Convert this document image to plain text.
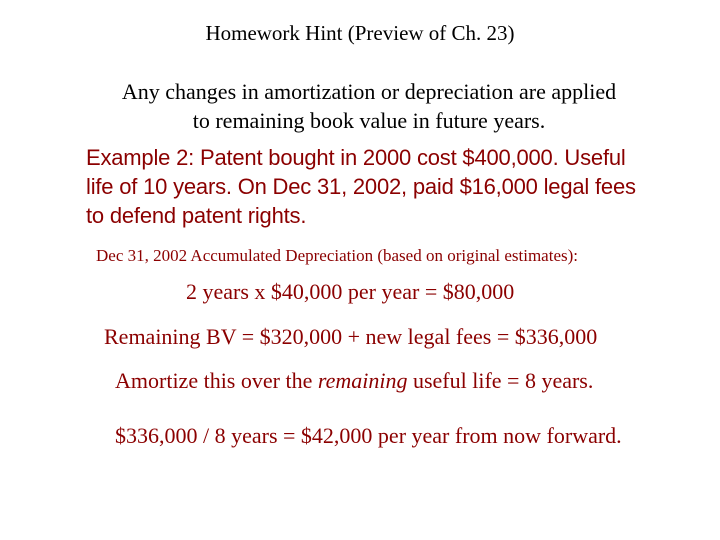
Homework Hint (Preview of Ch. 23)
Any changes in amortization or depreciation are applied
to remaining book value in future years.
Example 2: Patent bought in 2000 cost $400,000. Useful
life of 10 years. On Dec 31, 2002, paid $16,000 legal fees
to defend patent rights.
Dec 31, 2002 Accumulated Depreciation (based on original estimates):
2 years x $40,000 per year = $80,000
Remaining BV = $320,000 + new legal fees = $336,000
Amortize this over the remaining useful life = 8 years.
$336,000 / 8 years = $42,000 per year from now forward.
